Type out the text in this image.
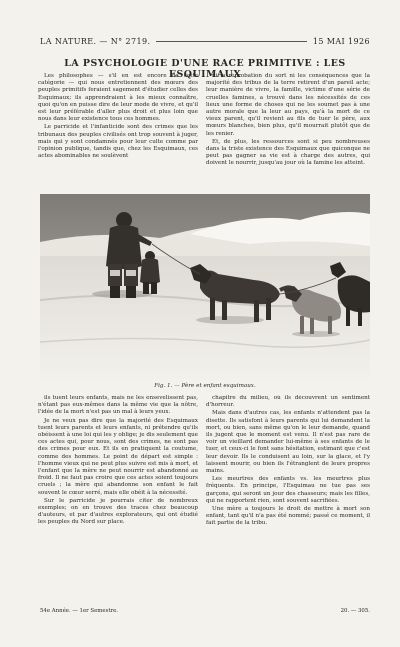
LA NATURE. — N° 2719.	15 MAI 1926
LA PSYCHOLOGIE D'UNE RACE PRIMITIVE : LES ESQUIMAUX

Les philosophes — s'il en est encore de cette catégorie — qui nous entretiennent des mœurs des peuples primitifs feraient sagement d'étudier celles des Esquimaux; ils apprendraient à les mieux connaître, quoi qu'on en puisse dire de leur mode de vivre, et qu'il est leur préférable d'aller plus droit et plus loin que nous dans leur existence tous ces hommes.

Le parricide et l'infanticide sont des crimes que les tribunaux des peuples civilisés ont trop souvent à juger, mais qui y sont condamnés pour leur culte comme par l'opinion publique, tandis que, chez les Esquimaux, ces actes abominables ne soulèvent

ni la réprobation du sort ni les conséquences que la majorité des tribus de la terre retirent d'un pareil acte; leur manière de vivre, la famille, victime d'une série de cruelles famines, a trouvé dans les nécessités de ces lieux une forme de choses qui ne les soumet pas à une autre morale que la leur au pays, qu'à la mort de ce vieux parent, qu'il revient au fils de tuer le père, aux mœurs blanches, bien plus, qu'il mourrait plutôt que de les renier.

Et, de plus, les ressources sont si peu nombreuses dans la triste existence des Esquimaux que quiconque ne peut pas gagner sa vie est à charge des autres, qui doivent le nourrir, jusqu'au jour où la famine les atteint.

Fig. 1. — Père et enfant esquimaux.

ils tuent leurs enfants, mais ne les ensevelissent pas, n'étant pas eux-mêmes dans la même vie que la nôtre, l'idée de la mort n'est pas un mal à leurs yeux.

Je ne veux pas dire que la majorité des Esquimaux tuent leurs parents et leurs enfants, ni prétendre qu'ils obéissent à une loi qui les y oblige; je dis seulement que ces actes qui, pour nous, sont des crimes, ne sont pas des crimes pour eux. Et ils en pratiquent la coutume, comme des hommes. Le point de départ est simple : l'homme vieux qui ne peut plus suivre est mis à mort, et l'enfant que la mère ne peut nourrir est abandonné au froid. Il ne faut pas croire que ces actes soient toujours cruels ; la mère qui abandonne son enfant le fait souvent le cœur serré, mais elle obéit à la nécessité.

Sur le parricide je pourrais citer de nombreux exemples; on en trouve des traces chez beaucoup d'auteurs, et par d'autres explorateurs, qui ont étudié les peuples du Nord sur place.

chapitre du milieu, où ils découvrent un sentiment d'horreur.

Mais dans d'autres cas, les enfants n'attendent pas la disette. Ils satisfont à leurs parents qui lui demandent la mort, ou bien, sans même qu'on le leur demande, quand ils jugent que le moment est venu. Il n'est pas rare de voir un vieillard demander lui-même à ses enfants de le tuer, et ceux-ci le font sans hésitation, estimant que c'est leur devoir. Ils le conduisent au loin, sur la glace, et l'y laissent mourir, ou bien ils l'étranglent de leurs propres mains.

Les meurtres des enfants vs. les meurtres plus fréquents. En principe, l'Esquimau ne tue pas ses garçons, qui seront un jour des chasseurs; mais les filles, qui ne rapportent rien, sont souvent sacrifiées.

Une mère a toujours le droit de mettre à mort son enfant, tant qu'il n'a pas été nommé; passé ce moment, il fait partie de la tribu.

54e Année. — 1er Semestre.	20. — 305.
